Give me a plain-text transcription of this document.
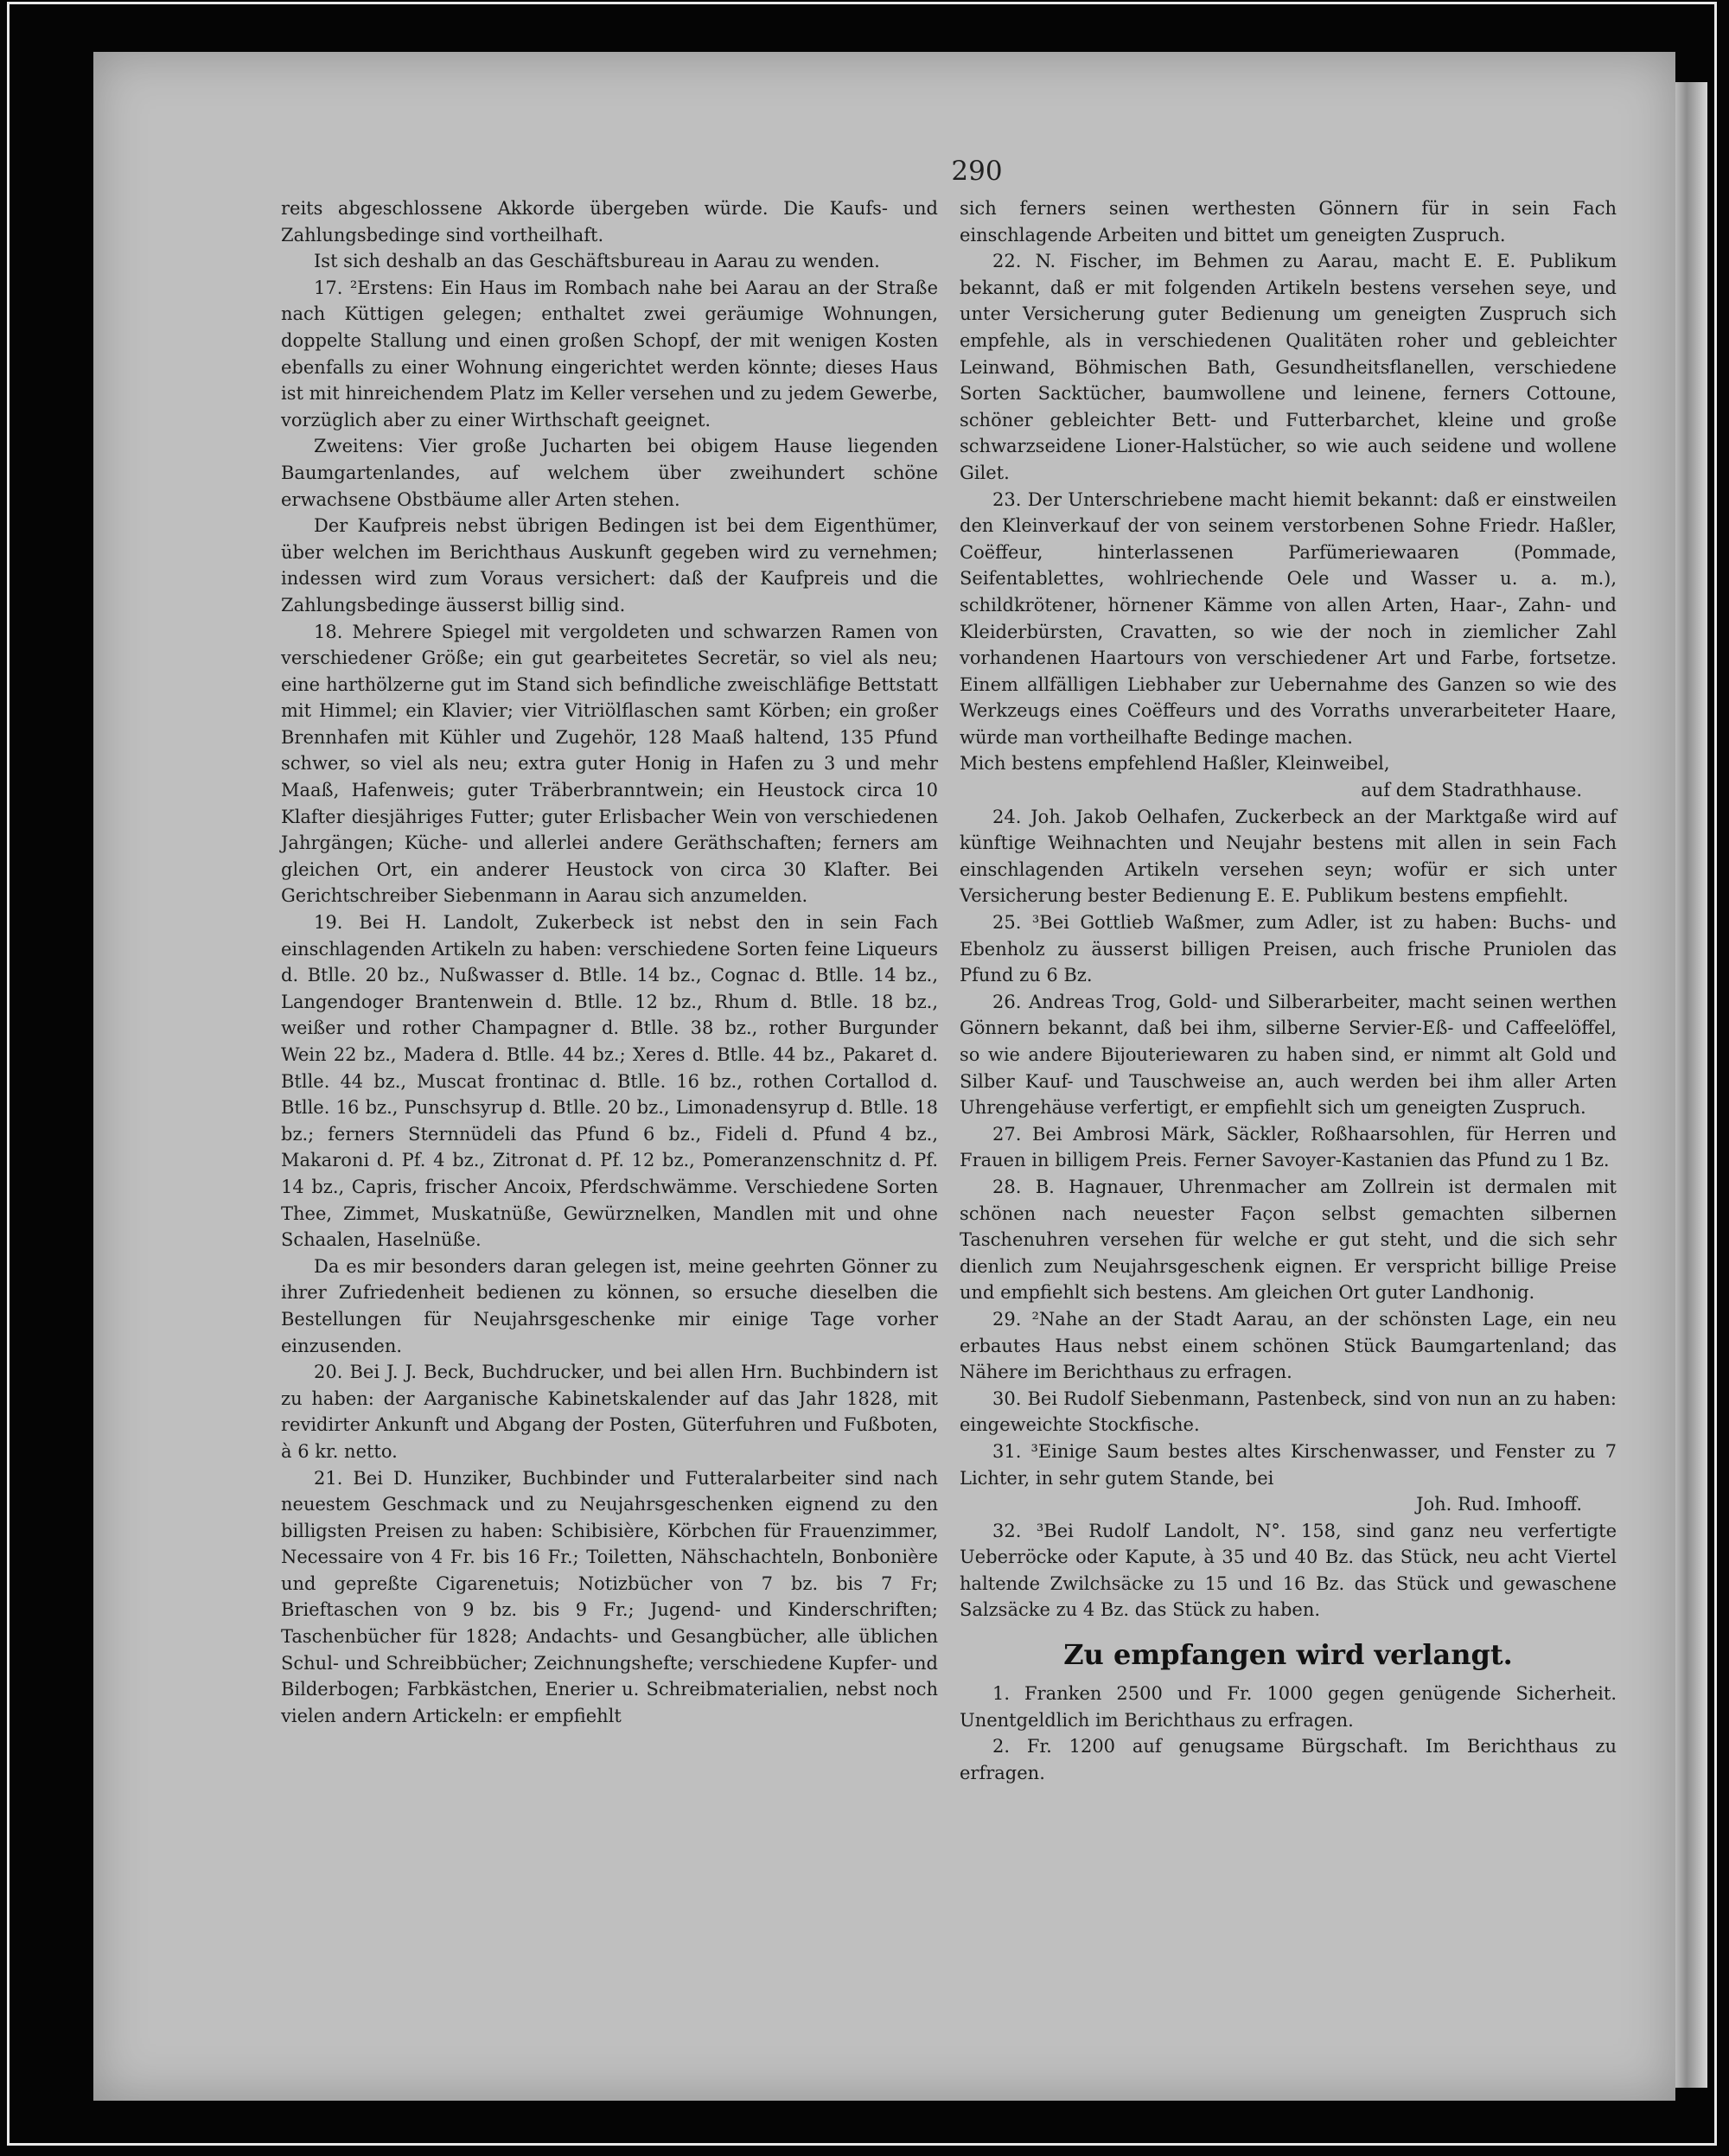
290

reits abgeschlossene Akkorde übergeben würde. Die Kaufs- und Zahlungsbedinge sind vortheilhaft.

Ist sich deshalb an das Geschäftsbureau in Aarau zu wenden.

17. ²Erstens: Ein Haus im Rombach nahe bei Aarau an der Straße nach Küttigen gelegen; enthaltet zwei geräumige Wohnungen, doppelte Stallung und einen großen Schopf, der mit wenigen Kosten ebenfalls zu einer Wohnung eingerichtet werden könnte; dieses Haus ist mit hinreichendem Platz im Keller versehen und zu jedem Gewerbe, vorzüglich aber zu einer Wirthschaft geeignet.

Zweitens: Vier große Jucharten bei obigem Hause liegenden Baumgartenlandes, auf welchem über zweihundert schöne erwachsene Obstbäume aller Arten stehen.

Der Kaufpreis nebst übrigen Bedingen ist bei dem Eigenthümer, über welchen im Berichthaus Auskunft gegeben wird zu vernehmen; indessen wird zum Voraus versichert: daß der Kaufpreis und die Zahlungsbedinge äusserst billig sind.

18. Mehrere Spiegel mit vergoldeten und schwarzen Ramen von verschiedener Größe; ein gut gearbeitetes Secretär, so viel als neu; eine harthölzerne gut im Stand sich befindliche zweischläfige Bettstatt mit Himmel; ein Klavier; vier Vitriölflaschen samt Körben; ein großer Brennhafen mit Kühler und Zugehör, 128 Maaß haltend, 135 Pfund schwer, so viel als neu; extra guter Honig in Hafen zu 3 und mehr Maaß, Hafenweis; guter Träberbranntwein; ein Heustock circa 10 Klafter diesjähriges Futter; guter Erlisbacher Wein von verschiedenen Jahrgängen; Küche- und allerlei andere Geräthschaften; ferners am gleichen Ort, ein anderer Heustock von circa 30 Klafter. Bei Gerichtschreiber Siebenmann in Aarau sich anzumelden.

19. Bei H. Landolt, Zukerbeck ist nebst den in sein Fach einschlagenden Artikeln zu haben: verschiedene Sorten feine Liqueurs d. Btlle. 20 bz., Nußwasser d. Btlle. 14 bz., Cognac d. Btlle. 14 bz., Langendoger Brantenwein d. Btlle. 12 bz., Rhum d. Btlle. 18 bz., weißer und rother Champagner d. Btlle. 38 bz., rother Burgunder Wein 22 bz., Madera d. Btlle. 44 bz.; Xeres d. Btlle. 44 bz., Pakaret d. Btlle. 44 bz., Muscat frontinac d. Btlle. 16 bz., rothen Cortallod d. Btlle. 16 bz., Punschsyrup d. Btlle. 20 bz., Limonadensyrup d. Btlle. 18 bz.; ferners Sternnüdeli das Pfund 6 bz., Fideli d. Pfund 4 bz., Makaroni d. Pf. 4 bz., Zitronat d. Pf. 12 bz., Pomeranzenschnitz d. Pf. 14 bz., Capris, frischer Ancoix, Pferdschwämme. Verschiedene Sorten Thee, Zimmet, Muskatnüße, Gewürznelken, Mandlen mit und ohne Schaalen, Haselnüße.

Da es mir besonders daran gelegen ist, meine geehrten Gönner zu ihrer Zufriedenheit bedienen zu können, so ersuche dieselben die Bestellungen für Neujahrsgeschenke mir einige Tage vorher einzusenden.

20. Bei J. J. Beck, Buchdrucker, und bei allen Hrn. Buchbindern ist zu haben: der Aarganische Kabinetskalender auf das Jahr 1828, mit revidirter Ankunft und Abgang der Posten, Güterfuhren und Fußboten, à 6 kr. netto.

21. Bei D. Hunziker, Buchbinder und Futteralarbeiter sind nach neuestem Geschmack und zu Neujahrsgeschenken eignend zu den billigsten Preisen zu haben: Schibisière, Körbchen für Frauenzimmer, Necessaire von 4 Fr. bis 16 Fr.; Toiletten, Nähschachteln, Bonbonière und gepreßte Cigarenetuis; Notizbücher von 7 bz. bis 7 Fr; Brieftaschen von 9 bz. bis 9 Fr.; Jugend- und Kinderschriften; Taschenbücher für 1828; Andachts- und Gesangbücher, alle üblichen Schul- und Schreibbücher; Zeichnungshefte; verschiedene Kupfer- und Bilderbogen; Farbkästchen, Enerier u. Schreibmaterialien, nebst noch vielen andern Artickeln: er empfiehlt

sich ferners seinen werthesten Gönnern für in sein Fach einschlagende Arbeiten und bittet um geneigten Zuspruch.

22. N. Fischer, im Behmen zu Aarau, macht E. E. Publikum bekannt, daß er mit folgenden Artikeln bestens versehen seye, und unter Versicherung guter Bedienung um geneigten Zuspruch sich empfehle, als in verschiedenen Qualitäten roher und gebleichter Leinwand, Böhmischen Bath, Gesundheitsflanellen, verschiedene Sorten Sacktücher, baumwollene und leinene, ferners Cottoune, schöner gebleichter Bett- und Futterbarchet, kleine und große schwarzseidene Lioner-Halstücher, so wie auch seidene und wollene Gilet.

23. Der Unterschriebene macht hiemit bekannt: daß er einstweilen den Kleinverkauf der von seinem verstorbenen Sohne Friedr. Haßler, Coëffeur, hinterlassenen Parfümeriewaaren (Pommade, Seifentablettes, wohlriechende Oele und Wasser u. a. m.), schildkrötener, hörnener Kämme von allen Arten, Haar-, Zahn- und Kleiderbürsten, Cravatten, so wie der noch in ziemlicher Zahl vorhandenen Haartours von verschiedener Art und Farbe, fortsetze. Einem allfälligen Liebhaber zur Uebernahme des Ganzen so wie des Werkzeugs eines Coëffeurs und des Vorraths unverarbeiteter Haare, würde man vortheilhafte Bedinge machen.

Mich bestens empfehlend Haßler, Kleinweibel,

auf dem Stadrathhause.

24. Joh. Jakob Oelhafen, Zuckerbeck an der Marktgaße wird auf künftige Weihnachten und Neujahr bestens mit allen in sein Fach einschlagenden Artikeln versehen seyn; wofür er sich unter Versicherung bester Bedienung E. E. Publikum bestens empfiehlt.

25. ³Bei Gottlieb Waßmer, zum Adler, ist zu haben: Buchs- und Ebenholz zu äusserst billigen Preisen, auch frische Pruniolen das Pfund zu 6 Bz.

26. Andreas Trog, Gold- und Silberarbeiter, macht seinen werthen Gönnern bekannt, daß bei ihm, silberne Servier-Eß- und Caffeelöffel, so wie andere Bijouteriewaren zu haben sind, er nimmt alt Gold und Silber Kauf- und Tauschweise an, auch werden bei ihm aller Arten Uhrengehäuse verfertigt, er empfiehlt sich um geneigten Zuspruch.

27. Bei Ambrosi Märk, Säckler, Roßhaarsohlen, für Herren und Frauen in billigem Preis. Ferner Savoyer-Kastanien das Pfund zu 1 Bz.

28. B. Hagnauer, Uhrenmacher am Zollrein ist dermalen mit schönen nach neuester Façon selbst gemachten silbernen Taschenuhren versehen für welche er gut steht, und die sich sehr dienlich zum Neujahrsgeschenk eignen. Er verspricht billige Preise und empfiehlt sich bestens. Am gleichen Ort guter Landhonig.

29. ²Nahe an der Stadt Aarau, an der schönsten Lage, ein neu erbautes Haus nebst einem schönen Stück Baumgartenland; das Nähere im Berichthaus zu erfragen.

30. Bei Rudolf Siebenmann, Pastenbeck, sind von nun an zu haben: eingeweichte Stockfische.

31. ³Einige Saum bestes altes Kirschenwasser, und Fenster zu 7 Lichter, in sehr gutem Stande, bei

Joh. Rud. Imhooff.

32. ³Bei Rudolf Landolt, N°. 158, sind ganz neu verfertigte Ueberröcke oder Kapute, à 35 und 40 Bz. das Stück, neu acht Viertel haltende Zwilchsäcke zu 15 und 16 Bz. das Stück und gewaschene Salzsäcke zu 4 Bz. das Stück zu haben.

Zu empfangen wird verlangt.

1. Franken 2500 und Fr. 1000 gegen genügende Sicherheit. Unentgeldlich im Berichthaus zu erfragen.

2. Fr. 1200 auf genugsame Bürgschaft. Im Berichthaus zu erfragen.
